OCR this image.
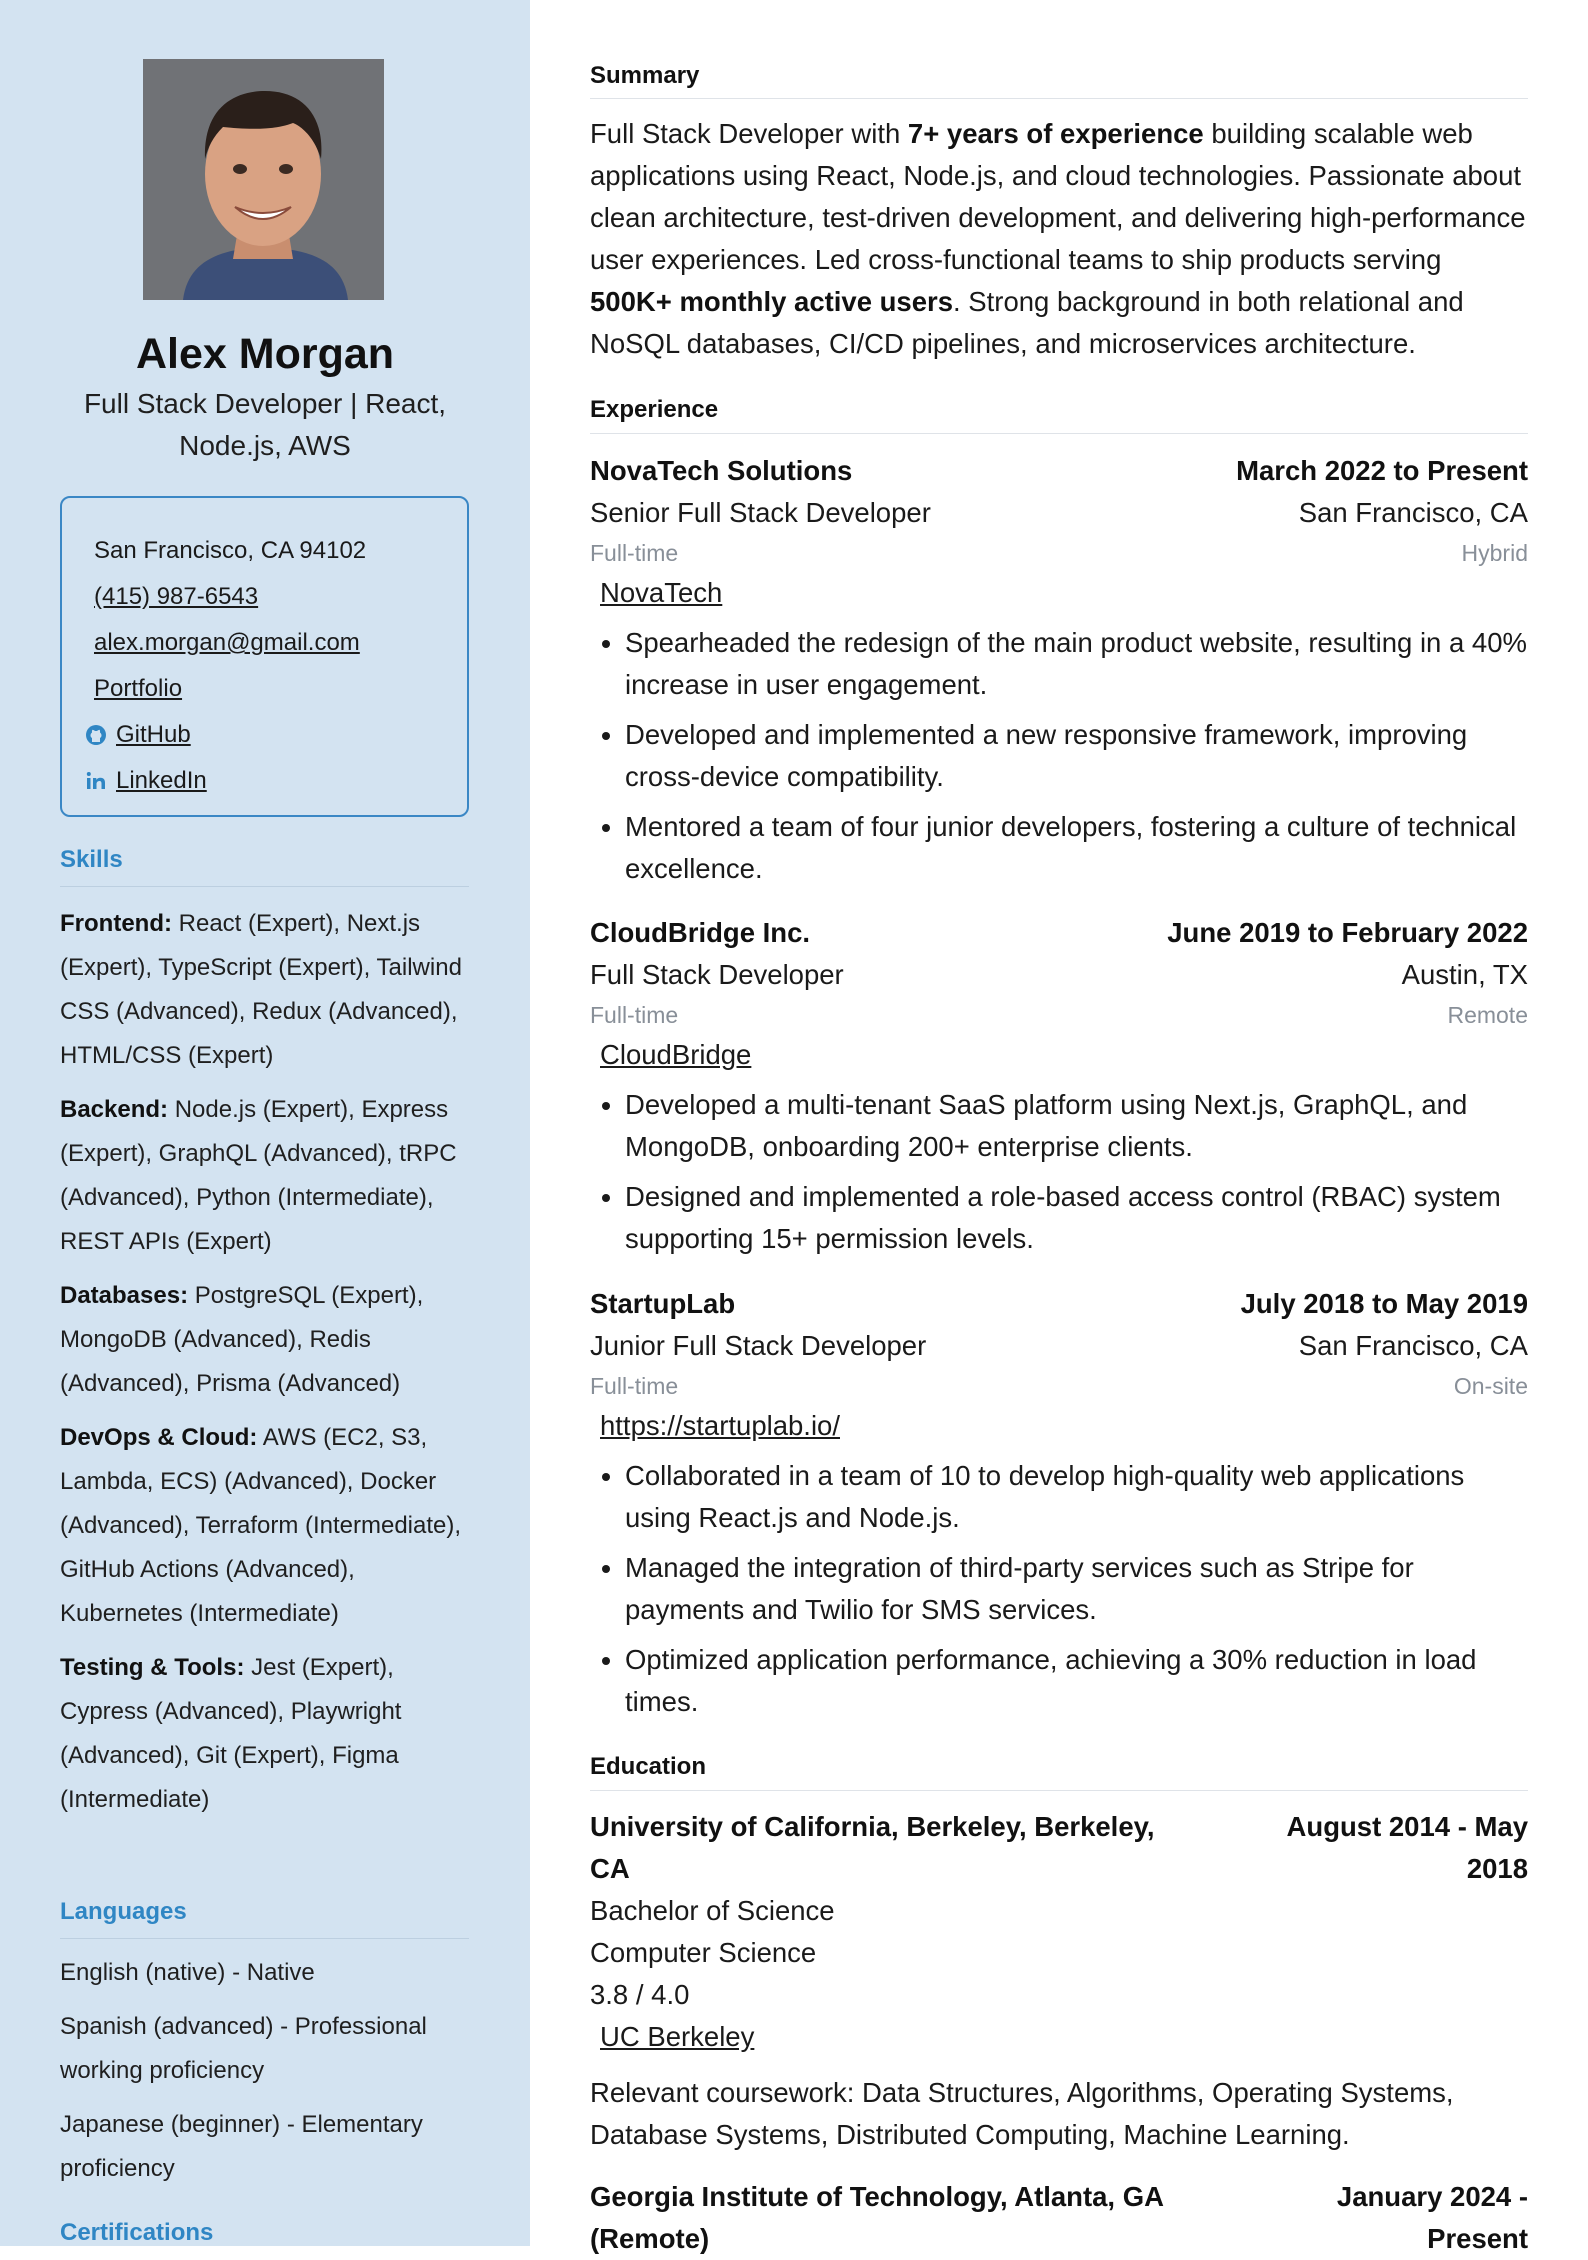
Alex Morgan
Full Stack Developer | React, Node.js, AWS
San Francisco, CA 94102
(415) 987-6543
alex.morgan@gmail.com
Portfolio
GitHub
LinkedIn
Skills

Frontend: React (Expert), Next.js (Expert), TypeScript (Expert), Tailwind CSS (Advanced), Redux (Advanced), HTML/CSS (Expert)

Backend: Node.js (Expert), Express (Expert), GraphQL (Advanced), tRPC (Advanced), Python (Intermediate), REST APIs (Expert)

Databases: PostgreSQL (Expert), MongoDB (Advanced), Redis (Advanced), Prisma (Advanced)

DevOps & Cloud: AWS (EC2, S3, Lambda, ECS) (Advanced), Docker (Advanced), Terraform (Intermediate), GitHub Actions (Advanced), Kubernetes (Intermediate)

Testing & Tools: Jest (Expert), Cypress (Advanced), Playwright (Advanced), Git (Expert), Figma (Intermediate)

Languages

English (native) - Native

Spanish (advanced) - Professional working proficiency

Japanese (beginner) - Elementary proficiency

Certifications
Summary
Full Stack Developer with 7+ years of experience building scalable web applications using React, Node.js, and cloud technologies. Passionate about clean architecture, test-driven development, and delivering high-performance user experiences. Led cross-functional teams to ship products serving 500K+ monthly active users. Strong background in both relational and NoSQL databases, CI/CD pipelines, and microservices architecture.
Experience
NovaTech Solutions	March 2022 to Present
Senior Full Stack Developer	San Francisco, CA
Full-time	Hybrid
NovaTech
• Spearheaded the redesign of the main product website, resulting in a 40% increase in user engagement.
• Developed and implemented a new responsive framework, improving cross-device compatibility.
• Mentored a team of four junior developers, fostering a culture of technical excellence.
CloudBridge Inc.	June 2019 to February 2022
Full Stack Developer	Austin, TX
Full-time	Remote
CloudBridge
• Developed a multi-tenant SaaS platform using Next.js, GraphQL, and MongoDB, onboarding 200+ enterprise clients.
• Designed and implemented a role-based access control (RBAC) system supporting 15+ permission levels.
StartupLab	July 2018 to May 2019
Junior Full Stack Developer	San Francisco, CA
Full-time	On-site
https://startuplab.io/
• Collaborated in a team of 10 to develop high-quality web applications using React.js and Node.js.
• Managed the integration of third-party services such as Stripe for payments and Twilio for SMS services.
• Optimized application performance, achieving a 30% reduction in load times.
Education
University of California, Berkeley, Berkeley, CA
August 2014 - May 2018
Bachelor of Science
Computer Science
3.8 / 4.0
UC Berkeley
Relevant coursework: Data Structures, Algorithms, Operating Systems, Database Systems, Distributed Computing, Machine Learning.
Georgia Institute of Technology, Atlanta, GA (Remote)
January 2024 - Present
